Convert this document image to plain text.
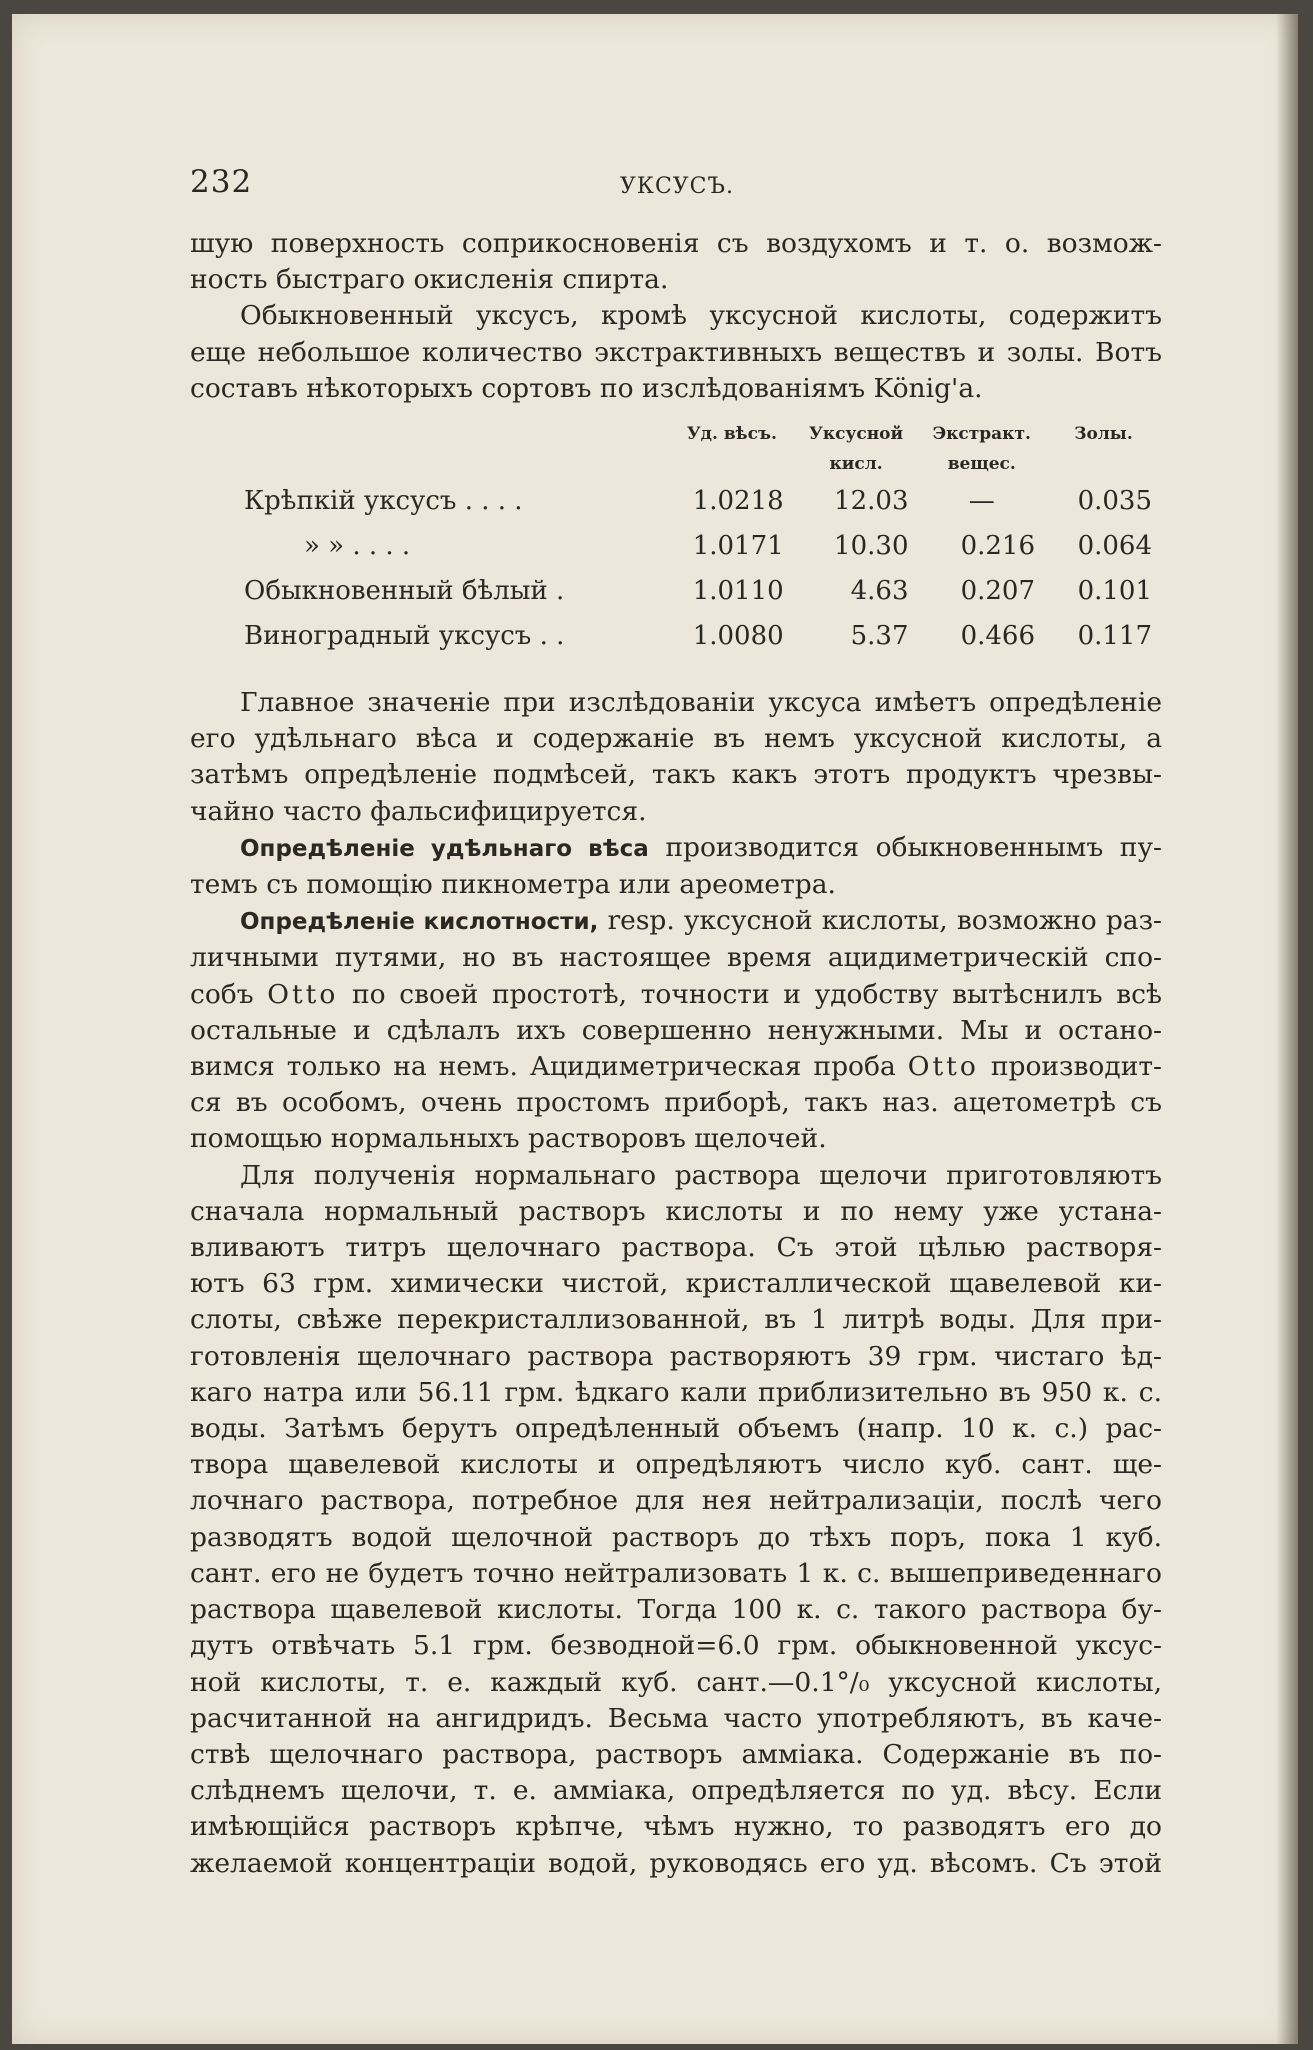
232	УКСУСЪ.

шую поверхность соприкосновенія съ воздухомъ и т. о. возмож-
ность быстраго окисленія спирта.

Обыкновенный уксусъ, кромѣ уксусной кислоты, содержитъ
еще небольшое количество экстрактивныхъ веществъ и золы. Вотъ
составъ нѣкоторыхъ сортовъ по изслѣдованіямъ König'a.

	Уд. вѣсъ.	Уксусной кисл.	Экстракт. вещес.	Золы.
Крѣпкій уксусъ . . . .	1.0218	12.03	—	0.035
» » . . . .	1.0171	10.30	0.216	0.064
Обыкновенный бѣлый .	1.0110	4.63	0.207	0.101
Виноградный уксусъ . .	1.0080	5.37	0.466	0.117

Главное значеніе при изслѣдованіи уксуса имѣетъ опредѣленіе
его удѣльнаго вѣса и содержаніе въ немъ уксусной кислоты, а
затѣмъ опредѣленіе подмѣсей, такъ какъ этотъ продуктъ чрезвы-
чайно часто фальсифицируется.

Опредѣленіе удѣльнаго вѣса производится обыкновеннымъ пу-
темъ съ помощію пикнометра или ареометра.

Опредѣленіе кислотности, resp. уксусной кислоты, возможно раз-
личными путями, но въ настоящее время ацидиметрическій спо-
собъ Otto по своей простотѣ, точности и удобству вытѣснилъ всѣ
остальные и сдѣлалъ ихъ совершенно ненужными. Мы и остано-
вимся только на немъ. Ацидиметрическая проба Otto производит-
ся въ особомъ, очень простомъ приборѣ, такъ наз. ацетометрѣ съ
помощью нормальныхъ растворовъ щелочей.

Для полученія нормальнаго раствора щелочи приготовляютъ
сначала нормальный растворъ кислоты и по нему уже устана-
вливаютъ титръ щелочнаго раствора. Съ этой цѣлью растворя-
ютъ 63 грм. химически чистой, кристаллической щавелевой ки-
слоты, свѣже перекристаллизованной, въ 1 литрѣ воды. Для при-
готовленія щелочнаго раствора растворяютъ 39 грм. чистаго ѣд-
каго натра или 56.11 грм. ѣдкаго кали приблизительно въ 950 к. с.
воды. Затѣмъ берутъ опредѣленный объемъ (напр. 10 к. с.) рас-
твора щавелевой кислоты и опредѣляютъ число куб. сант. ще-
лочнаго раствора, потребное для нея нейтрализаціи, послѣ чего
разводятъ водой щелочной растворъ до тѣхъ поръ, пока 1 куб.
сант. его не будетъ точно нейтрализовать 1 к. с. вышеприведеннаго
раствора щавелевой кислоты. Тогда 100 к. с. такого раствора бу-
дутъ отвѣчать 5.1 грм. безводной=6.0 грм. обыкновенной уксус-
ной кислоты, т. е. каждый куб. сант.—0.1°/₀ уксусной кислоты,
расчитанной на ангидридъ. Весьма часто употребляютъ, въ каче-
ствѣ щелочнаго раствора, растворъ амміака. Содержаніе въ по-
слѣднемъ щелочи, т. е. амміака, опредѣляется по уд. вѣсу. Если
имѣющійся растворъ крѣпче, чѣмъ нужно, то разводятъ его до
желаемой концентраціи водой, руководясь его уд. вѣсомъ. Съ этой
